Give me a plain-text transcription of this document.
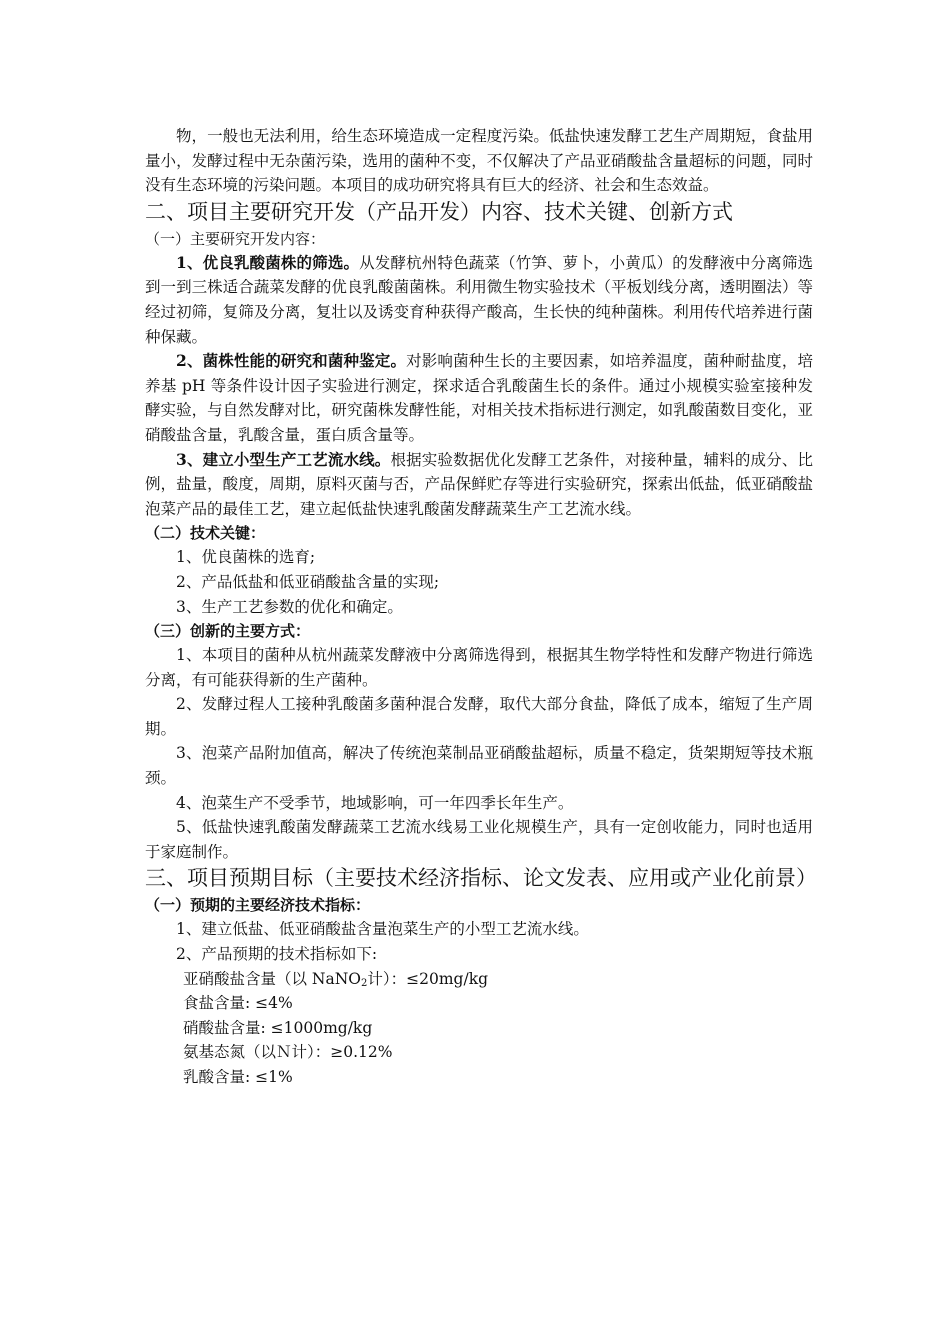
物，一般也无法利用，给生态环境造成一定程度污染。低盐快速发酵工艺生产周期短，食盐用量小，发酵过程中无杂菌污染，选用的菌种不变，不仅解决了产品亚硝酸盐含量超标的问题，同时没有生态环境的污染问题。本项目的成功研究将具有巨大的经济、社会和生态效益。

二、项目主要研究开发（产品开发）内容、技术关键、创新方式

（一）主要研究开发内容：

1、优良乳酸菌株的筛选。从发酵杭州特色蔬菜（竹笋、萝卜，小黄瓜）的发酵液中分离筛选到一到三株适合蔬菜发酵的优良乳酸菌菌株。利用微生物实验技术（平板划线分离，透明圈法）等经过初筛，复筛及分离，复壮以及诱变育种获得产酸高，生长快的纯种菌株。利用传代培养进行菌种保藏。

2、菌株性能的研究和菌种鉴定。对影响菌种生长的主要因素，如培养温度，菌种耐盐度，培养基 pH 等条件设计因子实验进行测定，探求适合乳酸菌生长的条件。通过小规模实验室接种发酵实验，与自然发酵对比，研究菌株发酵性能，对相关技术指标进行测定，如乳酸菌数目变化，亚硝酸盐含量，乳酸含量，蛋白质含量等。

3、建立小型生产工艺流水线。根据实验数据优化发酵工艺条件，对接种量，辅料的成分、比例，盐量，酸度，周期，原料灭菌与否，产品保鲜贮存等进行实验研究，探索出低盐，低亚硝酸盐泡菜产品的最佳工艺，建立起低盐快速乳酸菌发酵蔬菜生产工艺流水线。

（二）技术关键：

1、优良菌株的选育;

2、产品低盐和低亚硝酸盐含量的实现;

3、生产工艺参数的优化和确定。

（三）创新的主要方式：

1、本项目的菌种从杭州蔬菜发酵液中分离筛选得到，根据其生物学特性和发酵产物进行筛选分离，有可能获得新的生产菌种。

2、发酵过程人工接种乳酸菌多菌种混合发酵，取代大部分食盐，降低了成本，缩短了生产周期。

3、泡菜产品附加值高，解决了传统泡菜制品亚硝酸盐超标，质量不稳定，货架期短等技术瓶颈。

4、泡菜生产不受季节，地域影响，可一年四季长年生产。

5、低盐快速乳酸菌发酵蔬菜工艺流水线易工业化规模生产，具有一定创收能力，同时也适用于家庭制作。

三、项目预期目标（主要技术经济指标、论文发表、应用或产业化前景）

（一）预期的主要经济技术指标：

1、建立低盐、低亚硝酸盐含量泡菜生产的小型工艺流水线。

2、产品预期的技术指标如下:

亚硝酸盐含量（以 NaNO$_2$计）：≤20mg/kg

食盐含量: ≤4%

硝酸盐含量: ≤1000mg/kg

氨基态氮（以Ｎ计）：≥0.12%

乳酸含量: ≤1%
